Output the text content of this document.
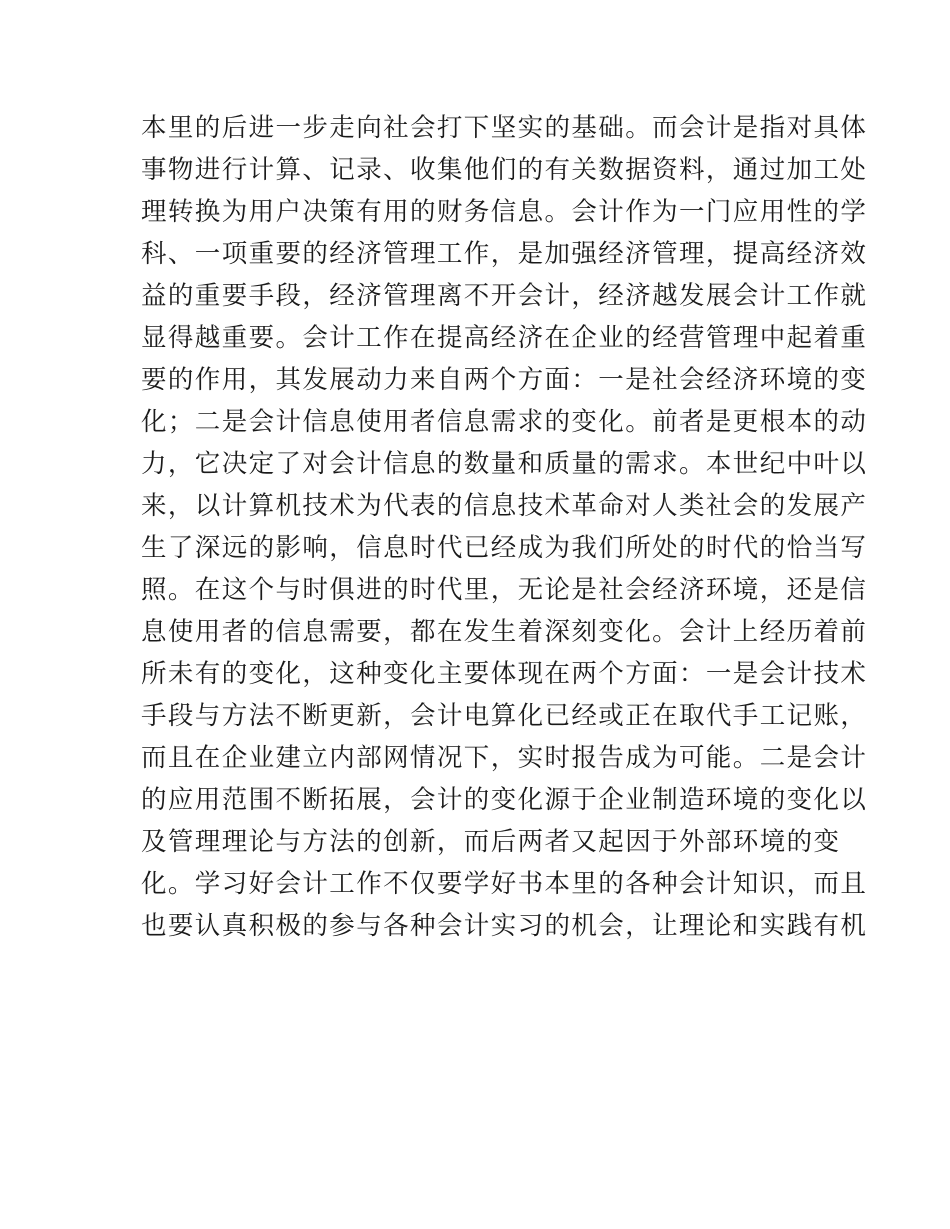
本里的后进一步走向社会打下坚实的基础。而会计是指对具体
事物进行计算、记录、收集他们的有关数据资料，通过加工处
理转换为用户决策有用的财务信息。会计作为一门应用性的学
科、一项重要的经济管理工作，是加强经济管理，提高经济效
益的重要手段，经济管理离不开会计，经济越发展会计工作就
显得越重要。会计工作在提高经济在企业的经营管理中起着重
要的作用，其发展动力来自两个方面：一是社会经济环境的变
化；二是会计信息使用者信息需求的变化。前者是更根本的动
力，它决定了对会计信息的数量和质量的需求。本世纪中叶以
来，以计算机技术为代表的信息技术革命对人类社会的发展产
生了深远的影响，信息时代已经成为我们所处的时代的恰当写
照。在这个与时俱进的时代里，无论是社会经济环境，还是信
息使用者的信息需要，都在发生着深刻变化。会计上经历着前
所未有的变化，这种变化主要体现在两个方面：一是会计技术
手段与方法不断更新，会计电算化已经或正在取代手工记账，
而且在企业建立内部网情况下，实时报告成为可能。二是会计
的应用范围不断拓展，会计的变化源于企业制造环境的变化以
及管理理论与方法的创新，而后两者又起因于外部环境的变
化。学习好会计工作不仅要学好书本里的各种会计知识，而且
也要认真积极的参与各种会计实习的机会，让理论和实践有机
